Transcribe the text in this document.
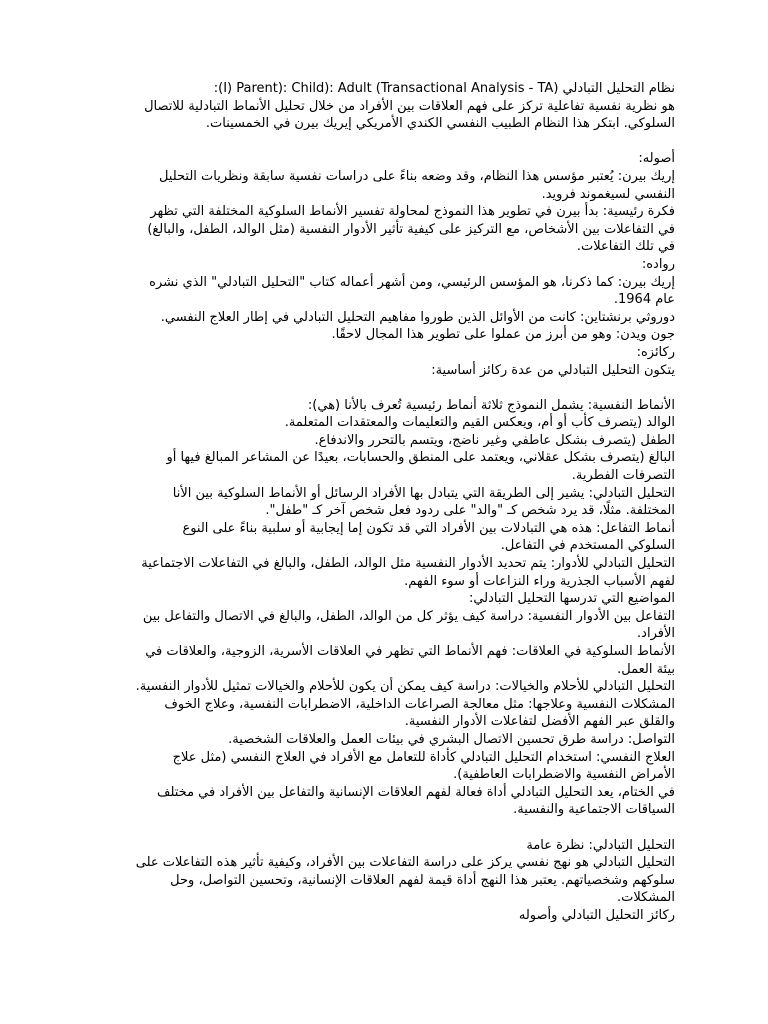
نظام التحليل التبادلي (Transactional Analysis - TA) I) Parent): Child): Adult):
هو نظرية نفسية تفاعلية تركز على فهم العلاقات بين الأفراد من خلال تحليل الأنماط التبادلية للاتصال
السلوكي. ابتكر هذا النظام الطبيب النفسي الكندي الأمريكي إيريك بيرن في الخمسينات.
أصوله:
إريك بيرن: يُعتبر مؤسس هذا النظام، وقد وضعه بناءً على دراسات نفسية سابقة ونظريات التحليل
النفسي لسيغموند فرويد.
فكرة رئيسية: بدأ بيرن في تطوير هذا النموذج لمحاولة تفسير الأنماط السلوكية المختلفة التي تظهر
في التفاعلات بين الأشخاص، مع التركيز على كيفية تأثير الأدوار النفسية (مثل الوالد، الطفل، والبالغ)
في تلك التفاعلات.
رواده:
إريك بيرن: كما ذكرنا، هو المؤسس الرئيسي، ومن أشهر أعماله كتاب "التحليل التبادلي" الذي نشره
عام 1964.
دوروثي برنشتاين: كانت من الأوائل الذين طوروا مفاهيم التحليل التبادلي في إطار العلاج النفسي.
جون ويدن: وهو من أبرز من عملوا على تطوير هذا المجال لاحقًا.
ركائزه:
يتكون التحليل التبادلي من عدة ركائز أساسية:
الأنماط النفسية: يشمل النموذج ثلاثة أنماط رئيسية تُعرف بالأنا (هي):
الوالد (يتصرف كأب أو أم، ويعكس القيم والتعليمات والمعتقدات المتعلمة.
الطفل (يتصرف بشكل عاطفي وغير ناضج، ويتسم بالتحرر والاندفاع.
البالغ (يتصرف بشكل عقلاني، ويعتمد على المنطق والحسابات، بعيدًا عن المشاعر المبالغ فيها أو
التصرفات الفطرية.
التحليل التبادلي: يشير إلى الطريقة التي يتبادل بها الأفراد الرسائل أو الأنماط السلوكية بين الأنا
المختلفة. مثلًا، قد يرد شخص كـ "والد" على ردود فعل شخص آخر كـ "طفل".
أنماط التفاعل: هذه هي التبادلات بين الأفراد التي قد تكون إما إيجابية أو سلبية بناءً على النوع
السلوكي المستخدم في التفاعل.
التحليل التبادلي للأدوار: يتم تحديد الأدوار النفسية مثل الوالد، الطفل، والبالغ في التفاعلات الاجتماعية
لفهم الأسباب الجذرية وراء النزاعات أو سوء الفهم.
المواضيع التي تدرسها التحليل التبادلي:
التفاعل بين الأدوار النفسية: دراسة كيف يؤثر كل من الوالد، الطفل، والبالغ في الاتصال والتفاعل بين
الأفراد.
الأنماط السلوكية في العلاقات: فهم الأنماط التي تظهر في العلاقات الأسرية، الزوجية، والعلاقات في
بيئة العمل.
التحليل التبادلي للأحلام والخيالات: دراسة كيف يمكن أن يكون للأحلام والخيالات تمثيل للأدوار النفسية.
المشكلات النفسية وعلاجها: مثل معالجة الصراعات الداخلية، الاضطرابات النفسية، وعلاج الخوف
والقلق عبر الفهم الأفضل لتفاعلات الأدوار النفسية.
التواصل: دراسة طرق تحسين الاتصال البشري في بيئات العمل والعلاقات الشخصية.
العلاج النفسي: استخدام التحليل التبادلي كأداة للتعامل مع الأفراد في العلاج النفسي (مثل علاج
الأمراض النفسية والاضطرابات العاطفية).
في الختام، يعد التحليل التبادلي أداة فعالة لفهم العلاقات الإنسانية والتفاعل بين الأفراد في مختلف
السياقات الاجتماعية والنفسية.
التحليل التبادلي: نظرة عامة
التحليل التبادلي هو نهج نفسي يركز على دراسة التفاعلات بين الأفراد، وكيفية تأثير هذه التفاعلات على
سلوكهم وشخصياتهم. يعتبر هذا النهج أداة قيمة لفهم العلاقات الإنسانية، وتحسين التواصل، وحل
المشكلات.
ركائز التحليل التبادلي وأصوله
